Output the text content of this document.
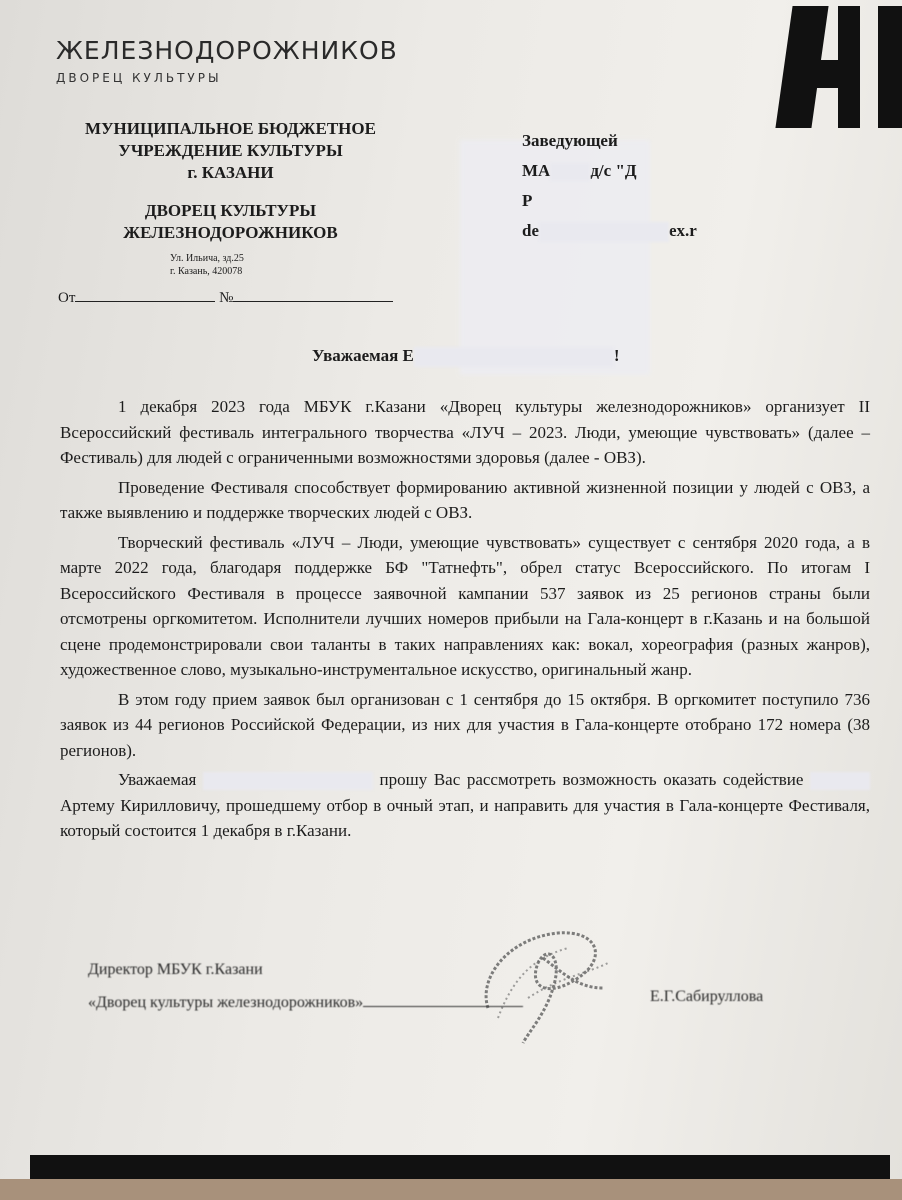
ЖЕЛЕЗНОДОРОЖНИКОВ
ДВОРЕЦ КУЛЬТУРЫ
МУНИЦИПАЛЬНОЕ БЮДЖЕТНОЕ
УЧРЕЖДЕНИЕ КУЛЬТУРЫ
г. КАЗАНИ
ДВОРЕЦ КУЛЬТУРЫ
ЖЕЛЕЗНОДОРОЖНИКОВ
Ул. Ильича, зд.25
г. Казань, 420078
От	№
Заведующей
МА д/с "Д
Р
de	ex.r
Уважаемая Е	!

1 декабря 2023 года МБУК г.Казани «Дворец культуры железнодорожников» организует II Всероссийский фестиваль интегрального творчества «ЛУЧ – 2023. Люди, умеющие чувствовать» (далее – Фестиваль) для людей с ограниченными возможностями здоровья (далее - ОВЗ).

Проведение Фестиваля способствует формированию активной жизненной позиции у людей с ОВЗ, а также выявлению и поддержке творческих людей с ОВЗ.

Творческий фестиваль «ЛУЧ – Люди, умеющие чувствовать» существует с сентября 2020 года, а в марте 2022 года, благодаря поддержке БФ "Татнефть", обрел статус Всероссийского. По итогам I Всероссийского Фестиваля в процессе заявочной кампании 537 заявок из 25 регионов страны были отсмотрены оргкомитетом. Исполнители лучших номеров прибыли на Гала-концерт в г.Казань и на большой сцене продемонстрировали свои таланты в таких направлениях как: вокал, хореография (разных жанров), художественное слово, музыкально-инструментальное искусство, оригинальный жанр.

В этом году прием заявок был организован с 1 сентября до 15 октября. В оргкомитет поступило 736 заявок из 44 регионов Российской Федерации, из них для участия в Гала-концерте отобрано 172 номера (38 регионов).

Уважаемая	прошу Вас рассмотреть возможность оказать содействие  Артему Кирилловичу, прошедшему отбор в очный этап, и направить для участия в Гала-концерте Фестиваля, который состоится 1 декабря в г.Казани.

Директор МБУК г.Казани
«Дворец культуры железнодорожников»	Е.Г.Сабируллова
